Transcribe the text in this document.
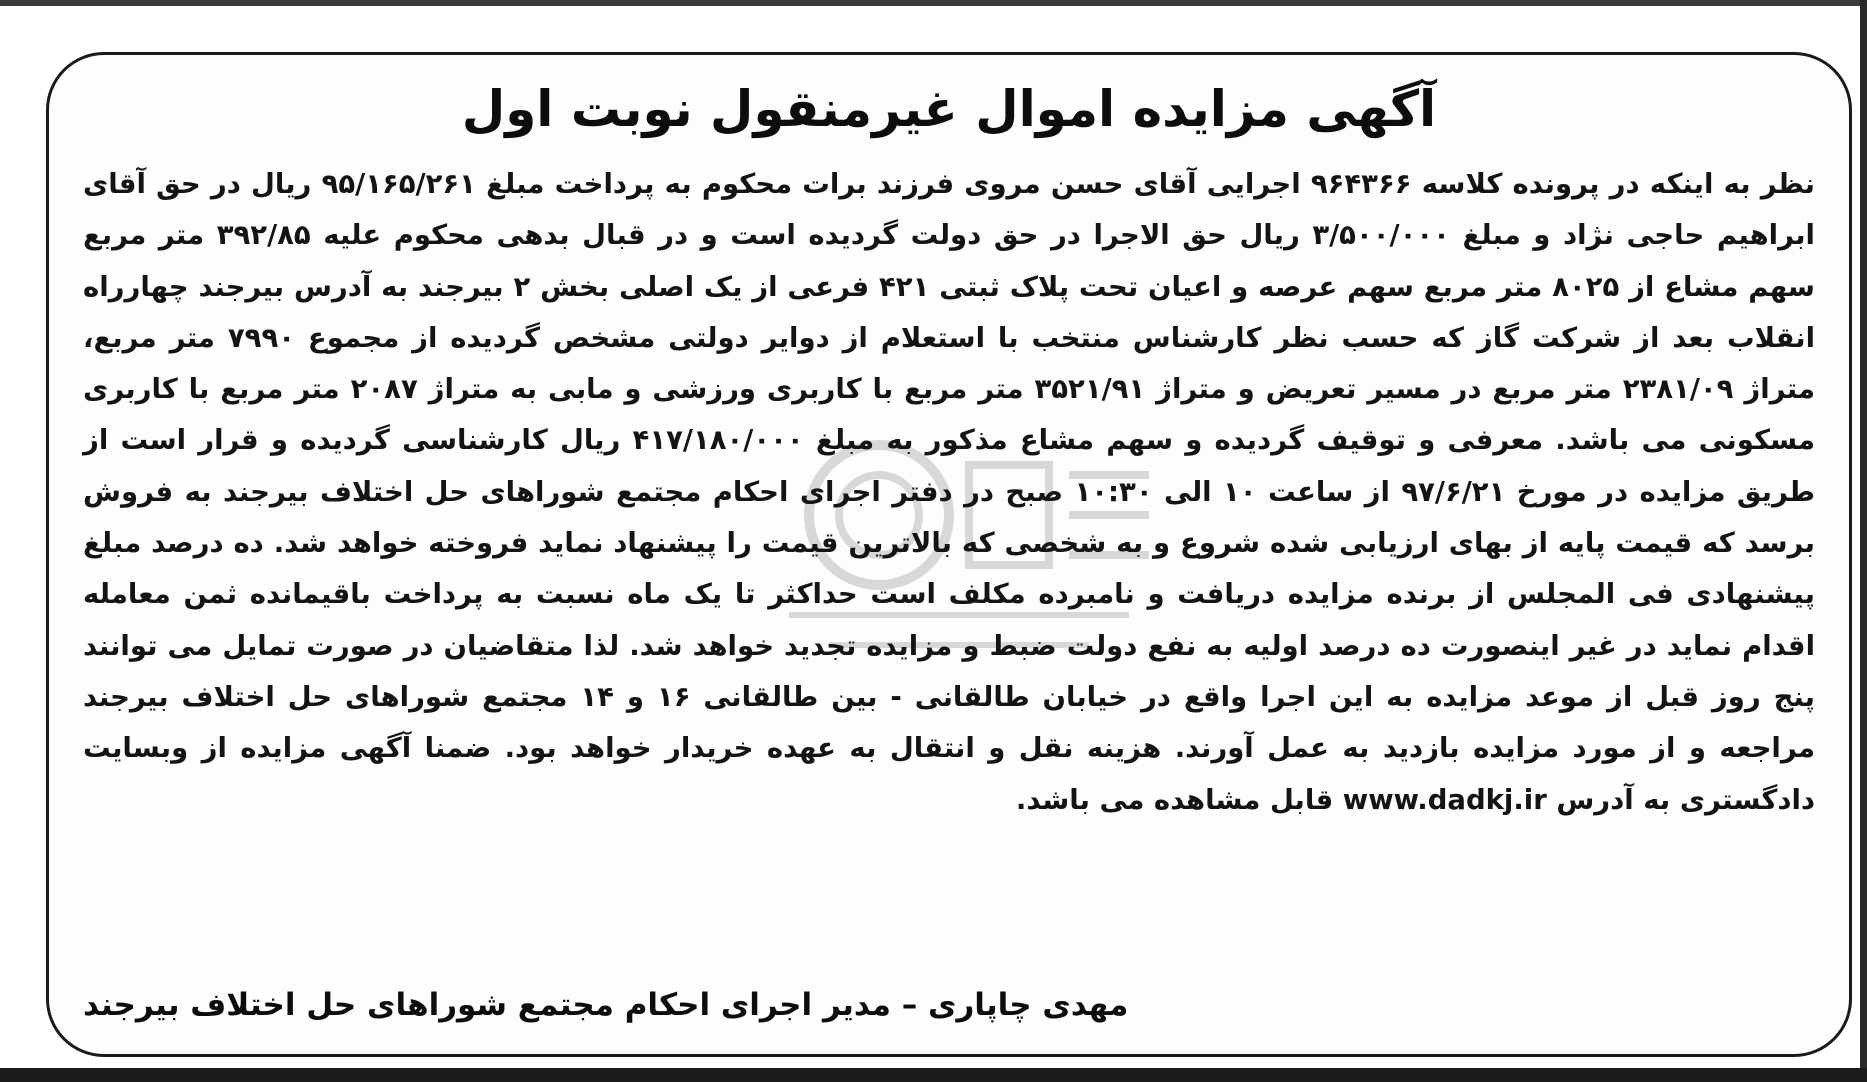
آگهی مزایده اموال غیرمنقول نوبت اول

نظر به اینکه در پرونده کلاسه ۹۶۴۳۶۶ اجرایی آقای حسن مروی فرزند برات محکوم به پرداخت مبلغ ۹۵/۱۶۵/۲۶۱ ریال در حق آقای ابراهیم حاجی نژاد و مبلغ ۳/۵۰۰/۰۰۰ ریال حق الاجرا در حق دولت گردیده است و در قبال بدهی محکوم علیه ۳۹۲/۸۵ متر مربع سهم مشاع از ۸۰۲۵ متر مربع سهم عرصه و اعیان تحت پلاک ثبتی ۴۲۱ فرعی از یک اصلی بخش ۲ بیرجند به آدرس بیرجند چهارراه انقلاب بعد از شرکت گاز که حسب نظر کارشناس منتخب با استعلام از دوایر دولتی مشخص گردیده از مجموع ۷۹۹۰ متر مربع، متراژ ۲۳۸۱/۰۹ متر مربع در مسیر تعریض و متراژ ۳۵۲۱/۹۱ متر مربع با کاربری ورزشی و مابی به متراژ ۲۰۸۷ متر مربع با کاربری مسکونی می باشد. معرفی و توقیف گردیده و سهم مشاع مذکور به مبلغ ۴۱۷/۱۸۰/۰۰۰ ریال کارشناسی گردیده و قرار است از طریق مزایده در مورخ ۹۷/۶/۲۱ از ساعت ۱۰ الی ۱۰:۳۰ صبح در دفتر اجرای احکام مجتمع شوراهای حل اختلاف بیرجند به فروش برسد که قیمت پایه از بهای ارزیابی شده شروع و به شخصی که بالاترین قیمت را پیشنهاد نماید فروخته خواهد شد. ده درصد مبلغ پیشنهادی فی المجلس از برنده مزایده دریافت و نامبرده مکلف است حداکثر تا یک ماه نسبت به پرداخت باقیمانده ثمن معامله اقدام نماید در غیر اینصورت ده درصد اولیه به نفع دولت ضبط و مزایده تجدید خواهد شد. لذا متقاضیان در صورت تمایل می توانند پنج روز قبل از موعد مزایده به این اجرا واقع در خیابان طالقانی - بین طالقانی ۱۶ و ۱۴ مجتمع شوراهای حل اختلاف بیرجند مراجعه و از مورد مزایده بازدید به عمل آورند. هزینه نقل و انتقال به عهده خریدار خواهد بود. ضمنا آگهی مزایده از وبسایت دادگستری به آدرس www.dadkj.ir قابل مشاهده می باشد.

مهدی چاپاری – مدیر اجرای احکام مجتمع شوراهای حل اختلاف بیرجند
